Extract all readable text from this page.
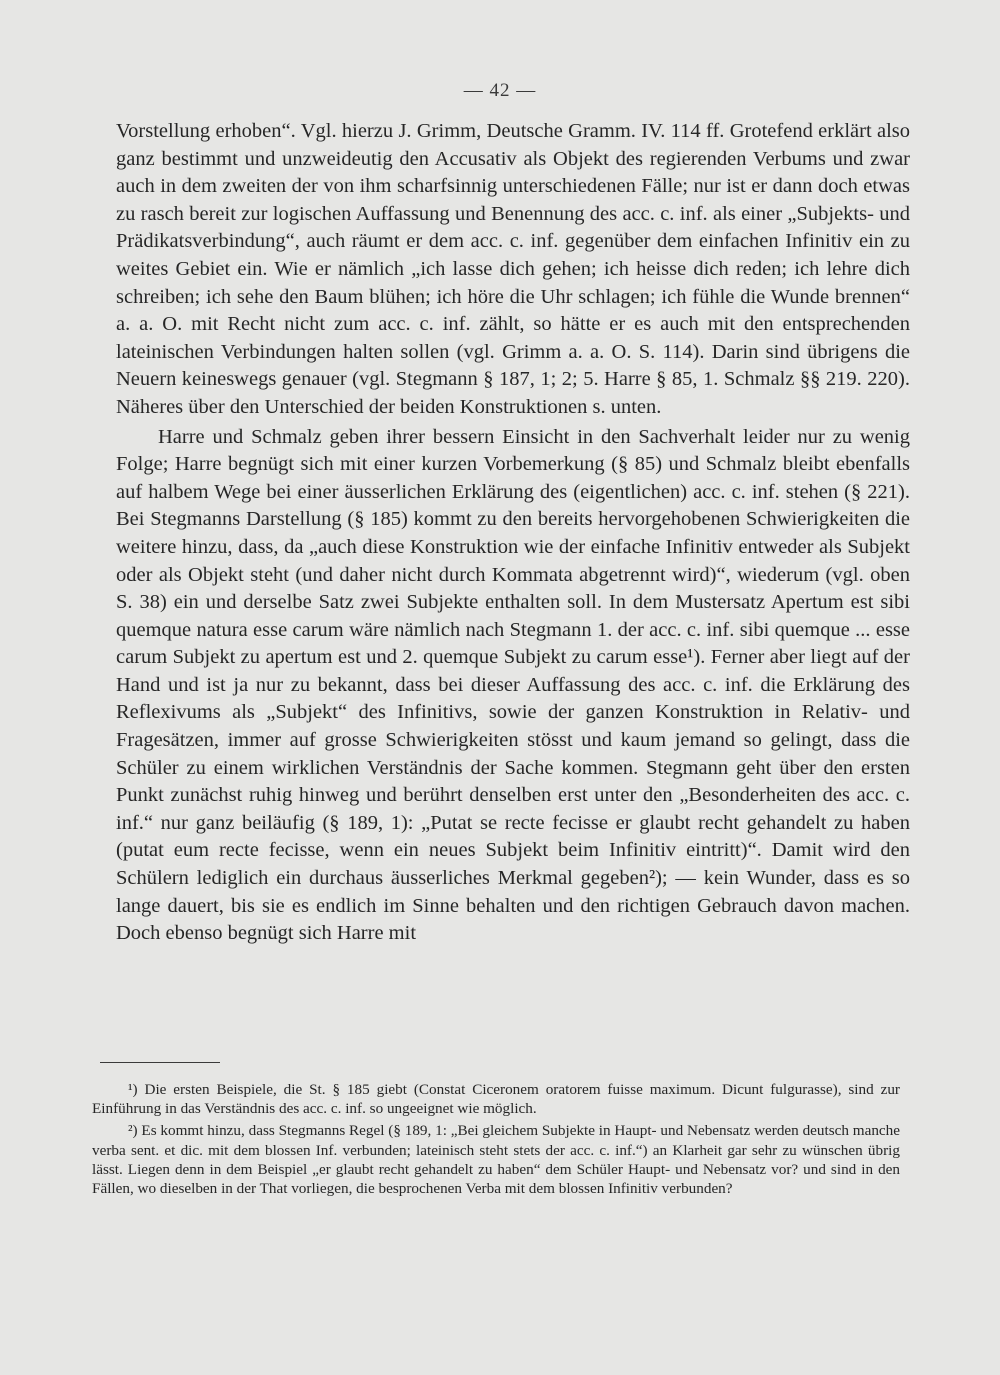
— 42 —

Vorstellung erhoben“. Vgl. hierzu J. Grimm, Deutsche Gramm. IV. 114 ff. Grotefend erklärt also ganz bestimmt und unzweideutig den Accusativ als Objekt des regierenden Verbums und zwar auch in dem zweiten der von ihm scharfsinnig unterschiedenen Fälle; nur ist er dann doch etwas zu rasch bereit zur logischen Auffassung und Benennung des acc. c. inf. als einer „Subjekts- und Prädikatsverbindung“, auch räumt er dem acc. c. inf. gegenüber dem einfachen Infinitiv ein zu weites Gebiet ein. Wie er nämlich „ich lasse dich gehen; ich heisse dich reden; ich lehre dich schreiben; ich sehe den Baum blühen; ich höre die Uhr schlagen; ich fühle die Wunde brennen“ a. a. O. mit Recht nicht zum acc. c. inf. zählt, so hätte er es auch mit den entsprechenden lateinischen Verbindungen halten sollen (vgl. Grimm a. a. O. S. 114). Darin sind übrigens die Neuern keineswegs genauer (vgl. Stegmann § 187, 1; 2; 5. Harre § 85, 1. Schmalz §§ 219. 220). Näheres über den Unterschied der beiden Konstruktionen s. unten.

Harre und Schmalz geben ihrer bessern Einsicht in den Sachverhalt leider nur zu wenig Folge; Harre begnügt sich mit einer kurzen Vorbemerkung (§ 85) und Schmalz bleibt ebenfalls auf halbem Wege bei einer äusserlichen Erklärung des (eigentlichen) acc. c. inf. stehen (§ 221). Bei Stegmanns Darstellung (§ 185) kommt zu den bereits hervorgehobenen Schwierigkeiten die weitere hinzu, dass, da „auch diese Konstruktion wie der einfache Infinitiv entweder als Subjekt oder als Objekt steht (und daher nicht durch Kommata abgetrennt wird)“, wiederum (vgl. oben S. 38) ein und derselbe Satz zwei Subjekte enthalten soll. In dem Mustersatz Apertum est sibi quemque natura esse carum wäre nämlich nach Stegmann 1. der acc. c. inf. sibi quemque ... esse carum Subjekt zu apertum est und 2. quemque Subjekt zu carum esse¹). Ferner aber liegt auf der Hand und ist ja nur zu bekannt, dass bei dieser Auffassung des acc. c. inf. die Erklärung des Reflexivums als „Subjekt“ des Infinitivs, sowie der ganzen Konstruktion in Relativ- und Fragesätzen, immer auf grosse Schwierigkeiten stösst und kaum jemand so gelingt, dass die Schüler zu einem wirklichen Verständnis der Sache kommen. Stegmann geht über den ersten Punkt zunächst ruhig hinweg und berührt denselben erst unter den „Besonderheiten des acc. c. inf.“ nur ganz beiläufig (§ 189, 1): „Putat se recte fecisse er glaubt recht gehandelt zu haben (putat eum recte fecisse, wenn ein neues Subjekt beim Infinitiv eintritt)“. Damit wird den Schülern lediglich ein durchaus äusserliches Merkmal gegeben²); — kein Wunder, dass es so lange dauert, bis sie es endlich im Sinne behalten und den richtigen Gebrauch davon machen. Doch ebenso begnügt sich Harre mit

¹) Die ersten Beispiele, die St. § 185 giebt (Constat Ciceronem oratorem fuisse maximum. Dicunt fulgurasse), sind zur Einführung in das Verständnis des acc. c. inf. so ungeeignet wie möglich.

²) Es kommt hinzu, dass Stegmanns Regel (§ 189, 1: „Bei gleichem Subjekte in Haupt- und Nebensatz werden deutsch manche verba sent. et dic. mit dem blossen Inf. verbunden; lateinisch steht stets der acc. c. inf.“) an Klarheit gar sehr zu wünschen übrig lässt. Liegen denn in dem Beispiel „er glaubt recht gehandelt zu haben“ dem Schüler Haupt- und Nebensatz vor? und sind in den Fällen, wo dieselben in der That vorliegen, die besprochenen Verba mit dem blossen Infinitiv verbunden?
